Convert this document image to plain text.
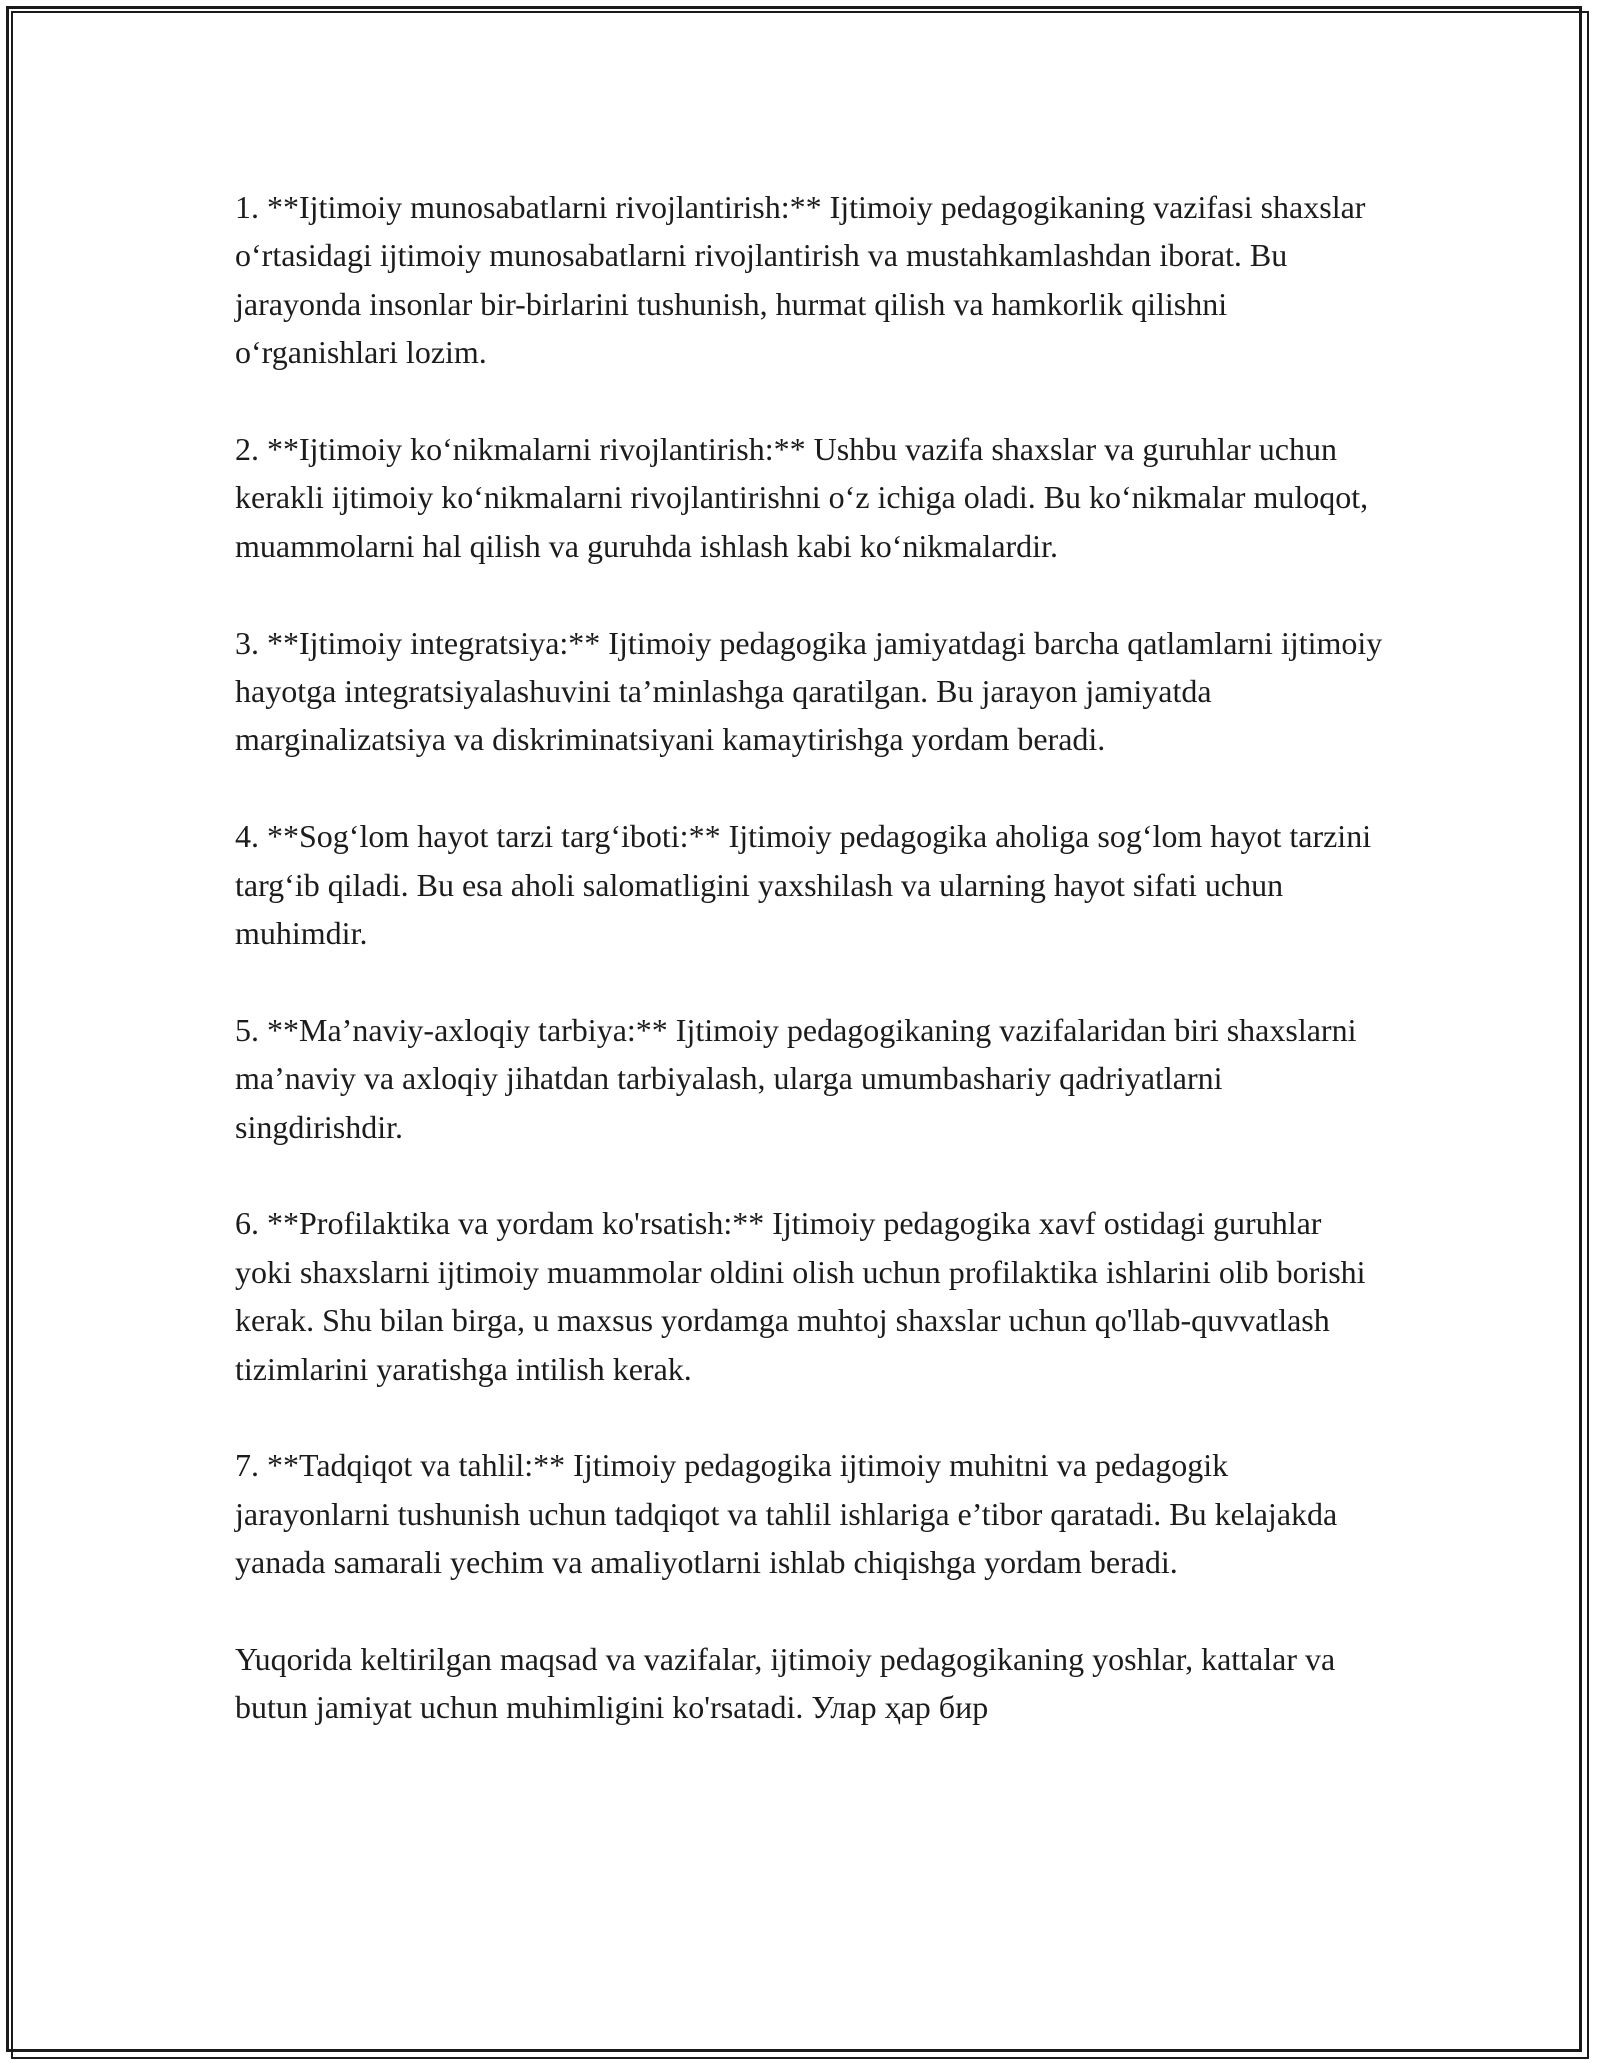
1. **Ijtimoiy munosabatlarni rivojlantirish:** Ijtimoiy pedagogikaning vazifasi shaxslar oʻrtasidagi ijtimoiy munosabatlarni rivojlantirish va mustahkamlashdan iborat. Bu jarayonda insonlar bir-birlarini tushunish, hurmat qilish va hamkorlik qilishni oʻrganishlari lozim.

2. **Ijtimoiy koʻnikmalarni rivojlantirish:** Ushbu vazifa shaxslar va guruhlar uchun kerakli ijtimoiy koʻnikmalarni rivojlantirishni oʻz ichiga oladi. Bu koʻnikmalar muloqot, muammolarni hal qilish va guruhda ishlash kabi koʻnikmalardir.

3. **Ijtimoiy integratsiya:** Ijtimoiy pedagogika jamiyatdagi barcha qatlamlarni ijtimoiy hayotga integratsiyalashuvini ta’minlashga qaratilgan. Bu jarayon jamiyatda marginalizatsiya va diskriminatsiyani kamaytirishga yordam beradi.

4. **Sogʻlom hayot tarzi targʻiboti:** Ijtimoiy pedagogika aholiga sogʻlom hayot tarzini targʻib qiladi. Bu esa aholi salomatligini yaxshilash va ularning hayot sifati uchun muhimdir.

5. **Ma’naviy-axloqiy tarbiya:** Ijtimoiy pedagogikaning vazifalaridan biri shaxslarni ma’naviy va axloqiy jihatdan tarbiyalash, ularga umumbashariy qadriyatlarni singdirishdir.

6. **Profilaktika va yordam ko'rsatish:** Ijtimoiy pedagogika xavf ostidagi guruhlar yoki shaxslarni ijtimoiy muammolar oldini olish uchun profilaktika ishlarini olib borishi kerak. Shu bilan birga, u maxsus yordamga muhtoj shaxslar uchun qo'llab-quvvatlash tizimlarini yaratishga intilish kerak.

7. **Tadqiqot va tahlil:** Ijtimoiy pedagogika ijtimoiy muhitni va pedagogik jarayonlarni tushunish uchun tadqiqot va tahlil ishlariga e’tibor qaratadi. Bu kelajakda yanada samarali yechim va amaliyotlarni ishlab chiqishga yordam beradi.

Yuqorida keltirilgan maqsad va vazifalar, ijtimoiy pedagogikaning yoshlar, kattalar va butun jamiyat uchun muhimligini ko'rsatadi. Улар ҳар бир
